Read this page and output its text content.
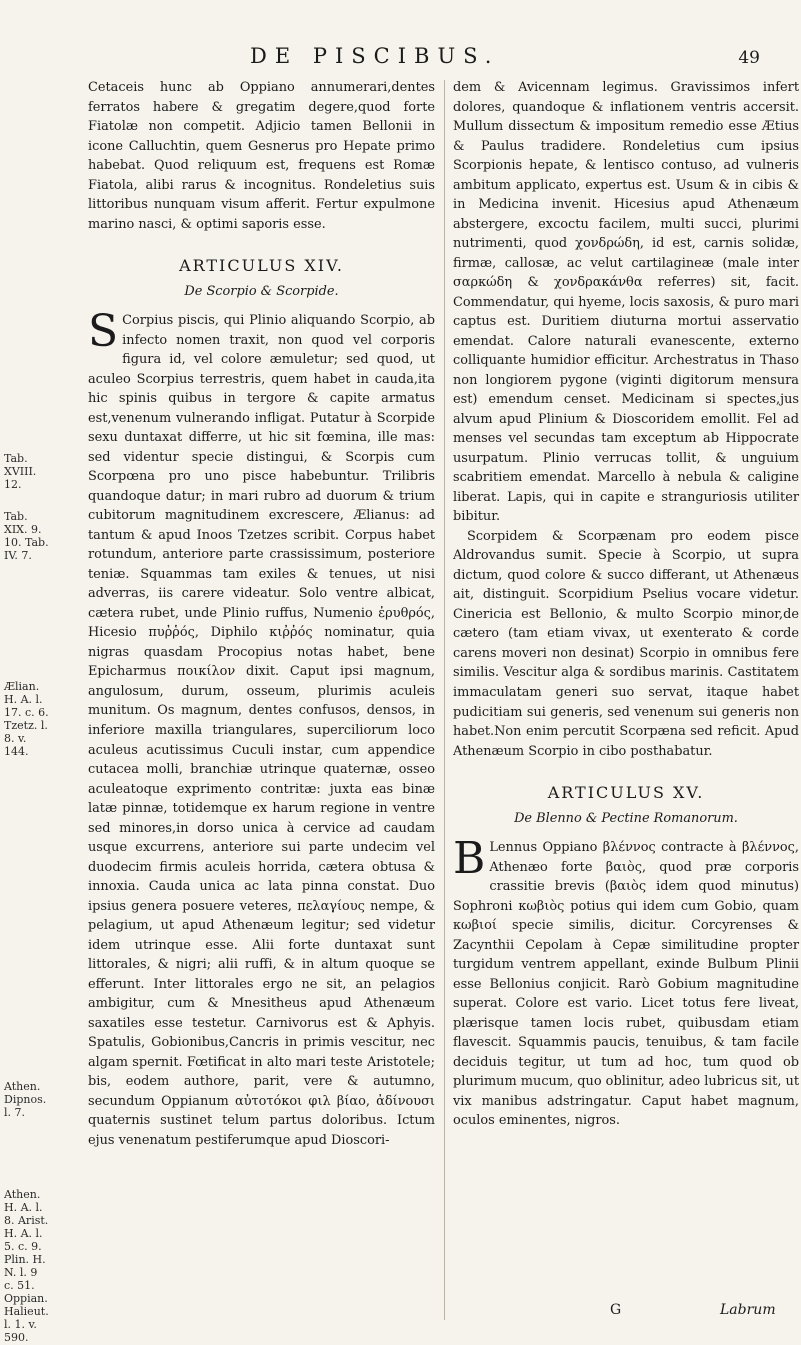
DE PISCIBUS.	49
Tab. XVIII. 12.
Tab. XIX. 9. 10. Tab. IV. 7.
Ælian. H. A. l. 17. c. 6. Tzetz. l. 8. v. 144.
Athen. Dipnos. l. 7.
Athen. H. A. l. 8. Arist. H. A. l. 5. c. 9. Plin. H. N. l. 9 c. 51. Oppian. Halieut. l. 1. v. 590.

Cetaceis hunc ab Oppiano annumerari,dentes ferratos habere & gregatim degere,quod forte Fiatolæ non competit. Adjicio tamen Bellonii in icone Calluchtin, quem Gesnerus pro Hepate primo habebat. Quod reliquum est, frequens est Romæ Fiatola, alibi rarus & incognitus. Rondeletius suis littoribus nunquam visum afferit. Fertur expulmone marino nasci, & optimi saporis esse.

ARTICULUS XIV.
De Scorpio & Scorpide.

S Corpius piscis, qui Plinio aliquando Scorpio, ab infecto nomen traxit, non quod vel corporis figura id, vel colore æmuletur; sed quod, ut aculeo Scorpius terrestris, quem habet in cauda,ita hic spinis quibus in tergore & capite armatus est,venenum vulnerando infligat. Putatur à Scorpide sexu duntaxat differre, ut hic sit fœmina, ille mas: sed videntur specie distingui, & Scorpis cum Scorpœna pro uno pisce habebuntur. Trilibris quandoque datur; in mari rubro ad duorum & trium cubitorum magnitudinem excrescere, Ælianus: ad tantum & apud Inoos Tzetzes scribit. Corpus habet rotundum, anteriore parte crassissimum, posteriore teniæ. Squammas tam exiles & tenues, ut nisi adverras, iis carere videatur. Solo ventre albicat, cætera rubet, unde Plinio ruffus, Numenio ἐρυθρός, Hicesio πυῤῥός, Diphilo κιῤῥός nominatur, quia nigras quasdam Procopius notas habet, bene Epicharmus ποικίλον dixit. Caput ipsi magnum, angulosum, durum, osseum, plurimis aculeis munitum. Os magnum, dentes confusos, densos, in inferiore maxilla triangulares, superciliorum loco aculeus acutissimus Cuculi instar, cum appendice cutacea molli, branchiæ utrinque quaternæ, osseo aculeatoque exprimento contritæ: juxta eas binæ latæ pinnæ, totidemque ex harum regione in ventre sed minores,in dorso unica à cervice ad caudam usque excurrens, anteriore sui parte undecim vel duodecim firmis aculeis horrida, cætera obtusa & innoxia. Cauda unica ac lata pinna constat. Duo ipsius genera posuere veteres, πελαγίους nempe, & pelagium, ut apud Athenæum legitur; sed videtur idem utrinque esse. Alii forte duntaxat sunt littorales, & nigri; alii ruffi, & in altum quoque se efferunt. Inter littorales ergo ne sit, an pelagios ambigitur, cum & Mnesitheus apud Athenæum saxatiles esse testetur. Carnivorus est & Aphyis. Spatulis, Gobionibus,Cancris in primis vescitur, nec algam spernit. Fœtificat in alto mari teste Aristotele; bis, eodem authore, parit, vere & autumno, secundum Oppianum αὐτοτόκοι φιλ βίαο, ἀδίνουσι quaternis sustinet telum partus doloribus. Ictum ejus venenatum pestiferumque apud Dioscori-

dem & Avicennam legimus. Gravissimos infert dolores, quandoque & inflationem ventris accersit. Mullum dissectum & impositum remedio esse Ætius & Paulus tradidere. Rondeletius cum ipsius Scorpionis hepate, & lentisco contuso, ad vulneris ambitum applicato, expertus est. Usum & in cibis & in Medicina invenit. Hicesius apud Athenæum abstergere, excoctu facilem, multi succi, plurimi nutrimenti, quod χονδρώδη, id est, carnis solidæ, firmæ, callosæ, ac velut cartilagineæ (male inter σαρκώδη & χονδρακάνθα referres) sit, facit. Commendatur, qui hyeme, locis saxosis, & puro mari captus est. Duritiem diuturna mortui asservatio emendat. Calore naturali evanescente, externo colliquante humidior efficitur. Archestratus in Thaso non longiorem pygone (viginti digitorum mensura est) emendum censet. Medicinam si spectes,jus alvum apud Plinium & Dioscoridem emollit. Fel ad menses vel secundas tam exceptum ab Hippocrate usurpatum. Plinio verrucas tollit, & unguium scabritiem emendat. Marcello à nebula & caligine liberat. Lapis, qui in capite e stranguriosis utiliter bibitur.

Scorpidem & Scorpænam pro eodem pisce Aldrovandus sumit. Specie à Scorpio, ut supra dictum, quod colore & succo differant, ut Athenæus ait, distinguit. Scorpidium Pselius vocare videtur. Cinericia est Bellonio, & multo Scorpio minor,de cætero (tam etiam vivax, ut exenterato & corde carens moveri non desinat) Scorpio in omnibus fere similis. Vescitur alga & sordibus marinis. Castitatem immaculatam generi suo servat, itaque habet pudicitiam sui generis, sed venenum sui generis non habet.Non enim percutit Scorpæna sed reficit. Apud Athenæum Scorpio in cibo posthabatur.

ARTICULUS XV.
De Blenno & Pectine Romanorum.

B Lennus Oppiano βλέννος contracte à βλέννος, Athenæo forte βαιὸς, quod præ corporis crassitie brevis (βαιὸς idem quod minutus) Sophroni κωβιὸς potius qui idem cum Gobio, quam κωβιοί specie similis, dicitur. Corcyrenses & Zacynthii Cepolam à Cepæ similitudine propter turgidum ventrem appellant, exinde Bulbum Plinii esse Bellonius conjicit. Rarò Gobium magnitudine superat. Colore est vario. Licet totus fere liveat, plærisque tamen locis rubet, quibusdam etiam flavescit. Squammis paucis, tenuibus, & tam facile deciduis tegitur, ut tum ad hoc, tum quod ob plurimum mucum, quo oblinitur, adeo lubricus sit, ut vix manibus adstringatur. Caput habet magnum, oculos eminentes, nigros.

G	Labrum
